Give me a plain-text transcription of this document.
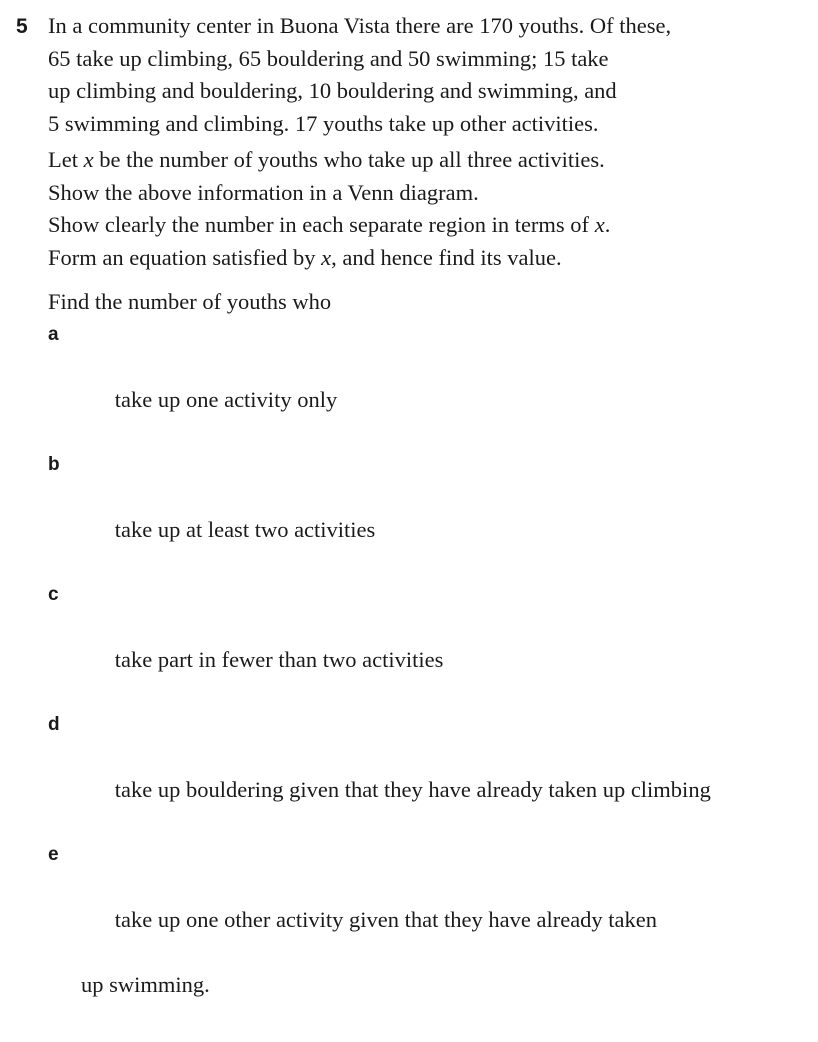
5 In a community center in Buona Vista there are 170 youths. Of these,
65 take up climbing, 65 bouldering and 50 swimming; 15 take
up climbing and bouldering, 10 bouldering and swimming, and
5 swimming and climbing. 17 youths take up other activities.
Let x be the number of youths who take up all three activities.
Show the above information in a Venn diagram.
Show clearly the number in each separate region in terms of x.
Form an equation satisfied by x, and hence find its value.
Find the number of youths who

a

take up one activity only

b

take up at least two activities

c

take part in fewer than two activities

d

take up bouldering given that they have already taken up climbing

e

take up one other activity given that they have already taken

up swimming.
